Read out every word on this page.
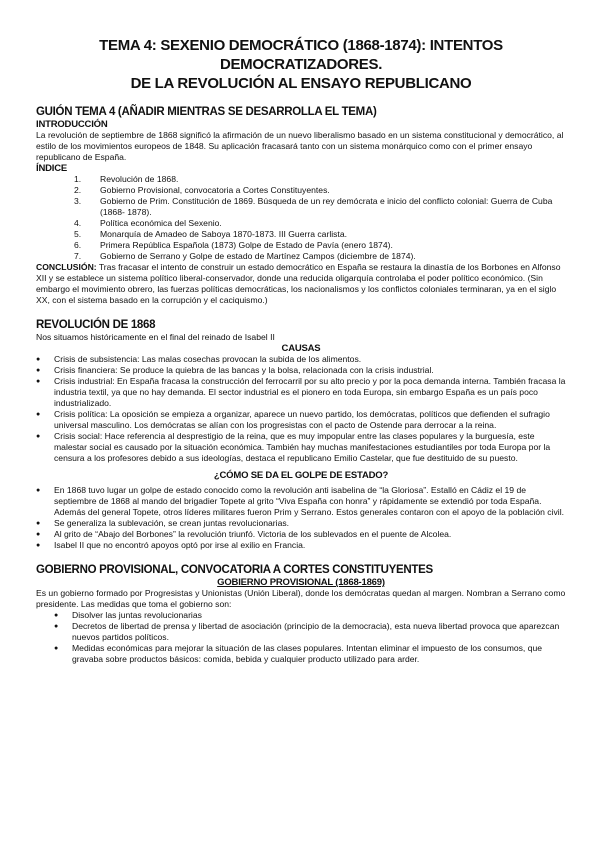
TEMA 4: SEXENIO DEMOCRÁTICO (1868-1874): INTENTOS DEMOCRATIZADORES.
DE LA REVOLUCIÓN AL ENSAYO REPUBLICANO
GUIÓN TEMA 4 (AÑADIR MIENTRAS SE DESARROLLA EL TEMA)
INTRODUCCIÓN

La revolución de septiembre de 1868 significó la afirmación de un nuevo liberalismo basado en un sistema constitucional y democrático, al estilo de los movimientos europeos de 1848. Su aplicación fracasará tanto con un sistema monárquico como con el primer ensayo republicano de España.

ÍNDICE
1. Revolución de 1868.
2. Gobierno Provisional, convocatoria a Cortes Constituyentes.
3. Gobierno de Prim. Constitución de 1869. Búsqueda de un rey demócrata e inicio del conflicto colonial: Guerra de Cuba (1868- 1878).
4. Política económica del Sexenio.
5. Monarquía de Amadeo de Saboya 1870-1873. III Guerra carlista.
6. Primera República Española (1873) Golpe de Estado de Pavía (enero 1874).
7. Gobierno de Serrano y Golpe de estado de Martínez Campos (diciembre de 1874).

CONCLUSIÓN: Tras fracasar el intento de construir un estado democrático en España se restaura la dinastía de los Borbones en Alfonso XII y se establece un sistema político liberal-conservador, donde una reducida oligarquía controlaba el poder político económico. (Sin embargo el movimiento obrero, las fuerzas políticas democráticas, los nacionalismos y los conflictos coloniales terminaran, ya en el siglo XX, con el sistema basado en la corrupción y el caciquismo.)

REVOLUCIÓN DE 1868

Nos situamos históricamente en el final del reinado de Isabel II

CAUSAS
● Crisis de subsistencia: Las malas cosechas provocan la subida de los alimentos.
● Crisis financiera: Se produce la quiebra de las bancas y la bolsa, relacionada con la crisis industrial.
● Crisis industrial: En España fracasa la construcción del ferrocarril por su alto precio y por la poca demanda interna. También fracasa la industria textil, ya que no hay demanda. El sector industrial es el pionero en toda Europa, sin embargo España es un país poco industrializado.
● Crisis política: La oposición se empieza a organizar, aparece un nuevo partido, los demócratas, políticos que defienden el sufragio universal masculino. Los demócratas se alían con los progresistas con el pacto de Ostende para derrocar a la reina.
● Crisis social: Hace referencia al desprestigio de la reina, que es muy impopular entre las clases populares y la burguesía, este malestar social es causado por la situación económica. También hay muchas manifestaciones estudiantiles por toda Europa por la censura a los profesores debido a sus ideologías, destaca el republicano Emilio Castelar, que fue destituido de su puesto.
¿CÓMO SE DA EL GOLPE DE ESTADO?
● En 1868 tuvo lugar un golpe de estado conocido como la revolución anti isabelina de “la Gloriosa”. Estalló en Cádiz el 19 de septiembre de 1868 al mando del brigadier Topete al grito “Viva España con honra” y rápidamente se extendió por toda España. Además del general Topete, otros líderes militares fueron Prim y Serrano. Estos generales contaron con el apoyo de la población civil.
● Se generaliza la sublevación, se crean juntas revolucionarias.
● Al grito de “Abajo del Borbones” la revolución triunfó. Victoria de los sublevados en el puente de Alcolea.
● Isabel II que no encontró apoyos optó por irse al exilio en Francia.
GOBIERNO PROVISIONAL, CONVOCATORIA A CORTES CONSTITUYENTES
GOBIERNO PROVISIONAL (1868-1869)

Es un gobierno formado por Progresistas y Unionistas (Unión Liberal), donde los demócratas quedan al margen. Nombran a Serrano como presidente. Las medidas que toma el gobierno son:

● Disolver las juntas revolucionarias
● Decretos de libertad de prensa y libertad de asociación (principio de la democracia), esta nueva libertad provoca que aparezcan nuevos partidos políticos.
● Medidas económicas para mejorar la situación de las clases populares. Intentan eliminar el impuesto de los consumos, que gravaba sobre productos básicos: comida, bebida y cualquier producto utilizado para arder.
